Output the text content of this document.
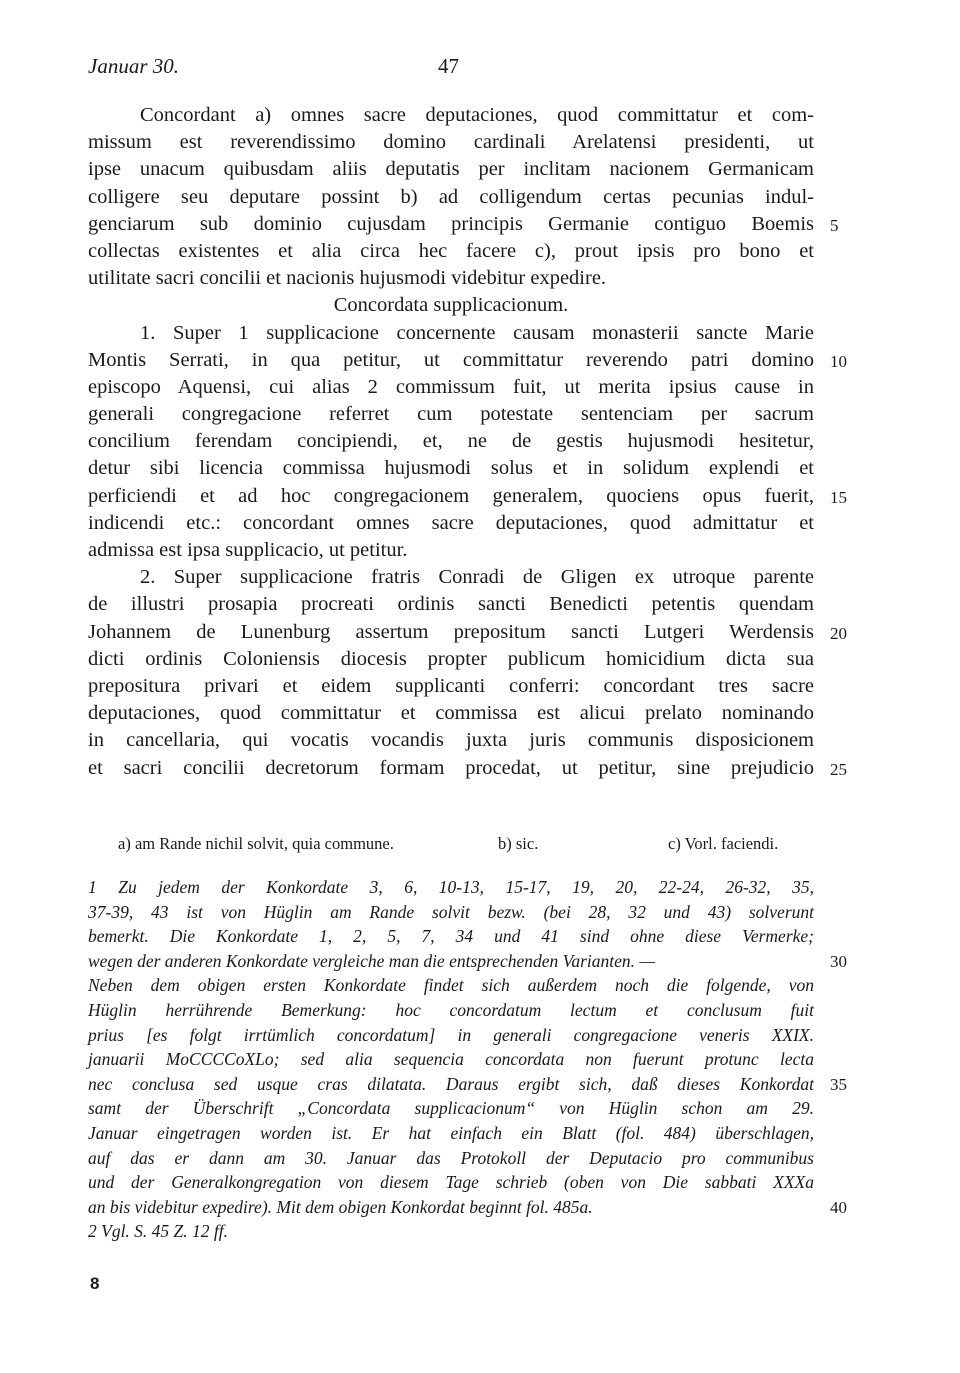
Januar 30.	47
Concordant a) omnes sacre deputaciones, quod committatur et com-
missum est reverendissimo domino cardinali Arelatensi presidenti, ut
ipse unacum quibusdam aliis deputatis per inclitam nacionem Germanicam
colligere seu deputare possint b) ad colligendum certas pecunias indul-
genciarum sub dominio cujusdam principis Germanie contiguo Boemis
collectas existentes et alia circa hec facere c), prout ipsis pro bono et
utilitate sacri concilii et nacionis hujusmodi videbitur expedire.
Concordata supplicacionum.
1. Super 1 supplicacione concernente causam monasterii sancte Marie
Montis Serrati, in qua petitur, ut committatur reverendo patri domino
episcopo Aquensi, cui alias 2 commissum fuit, ut merita ipsius cause in
generali congregacione referret cum potestate sentenciam per sacrum
concilium ferendam concipiendi, et, ne de gestis hujusmodi hesitetur,
detur sibi licencia commissa hujusmodi solus et in solidum explendi et
perficiendi et ad hoc congregacionem generalem, quociens opus fuerit,
indicendi etc.: concordant omnes sacre deputaciones, quod admittatur et
admissa est ipsa supplicacio, ut petitur.
2. Super supplicacione fratris Conradi de Gligen ex utroque parente
de illustri prosapia procreati ordinis sancti Benedicti petentis quendam
Johannem de Lunenburg assertum prepositum sancti Lutgeri Werdensis
dicti ordinis Coloniensis diocesis propter publicum homicidium dicta sua
prepositura privari et eidem supplicanti conferri: concordant tres sacre
deputaciones, quod committatur et commissa est alicui prelato nominando
in cancellaria, qui vocatis vocandis juxta juris communis disposicionem
et sacri concilii decretorum formam procedat, ut petitur, sine prejudicio
a) am Rande nichil solvit, quia commune.	b) sic.	c) Vorl. faciendi.
1 Zu jedem der Konkordate 3, 6, 10-13, 15-17, 19, 20, 22-24, 26-32, 35,
37-39, 43 ist von Hüglin am Rande solvit bezw. (bei 28, 32 und 43) solverunt
bemerkt. Die Konkordate 1, 2, 5, 7, 34 und 41 sind ohne diese Vermerke;
wegen der anderen Konkordate vergleiche man die entsprechenden Varianten. —
Neben dem obigen ersten Konkordate findet sich außerdem noch die folgende, von
Hüglin herrührende Bemerkung: hoc concordatum lectum et conclusum fuit
prius [es folgt irrtümlich concordatum] in generali congregacione veneris XXIX.
januarii MoCCCCoXLo; sed alia sequencia concordata non fuerunt protunc lecta
nec conclusa sed usque cras dilatata. Daraus ergibt sich, daß dieses Konkordat
samt der Überschrift „Concordata supplicacionum“ von Hüglin schon am 29.
Januar eingetragen worden ist. Er hat einfach ein Blatt (fol. 484) überschlagen,
auf das er dann am 30. Januar das Protokoll der Deputacio pro communibus
und der Generalkongregation von diesem Tage schrieb (oben von Die sabbati XXXa
an bis videbitur expedire). Mit dem obigen Konkordat beginnt fol. 485a.
2 Vgl. S. 45 Z. 12 ff.
5
10
15
20
25
30
35
40
8
